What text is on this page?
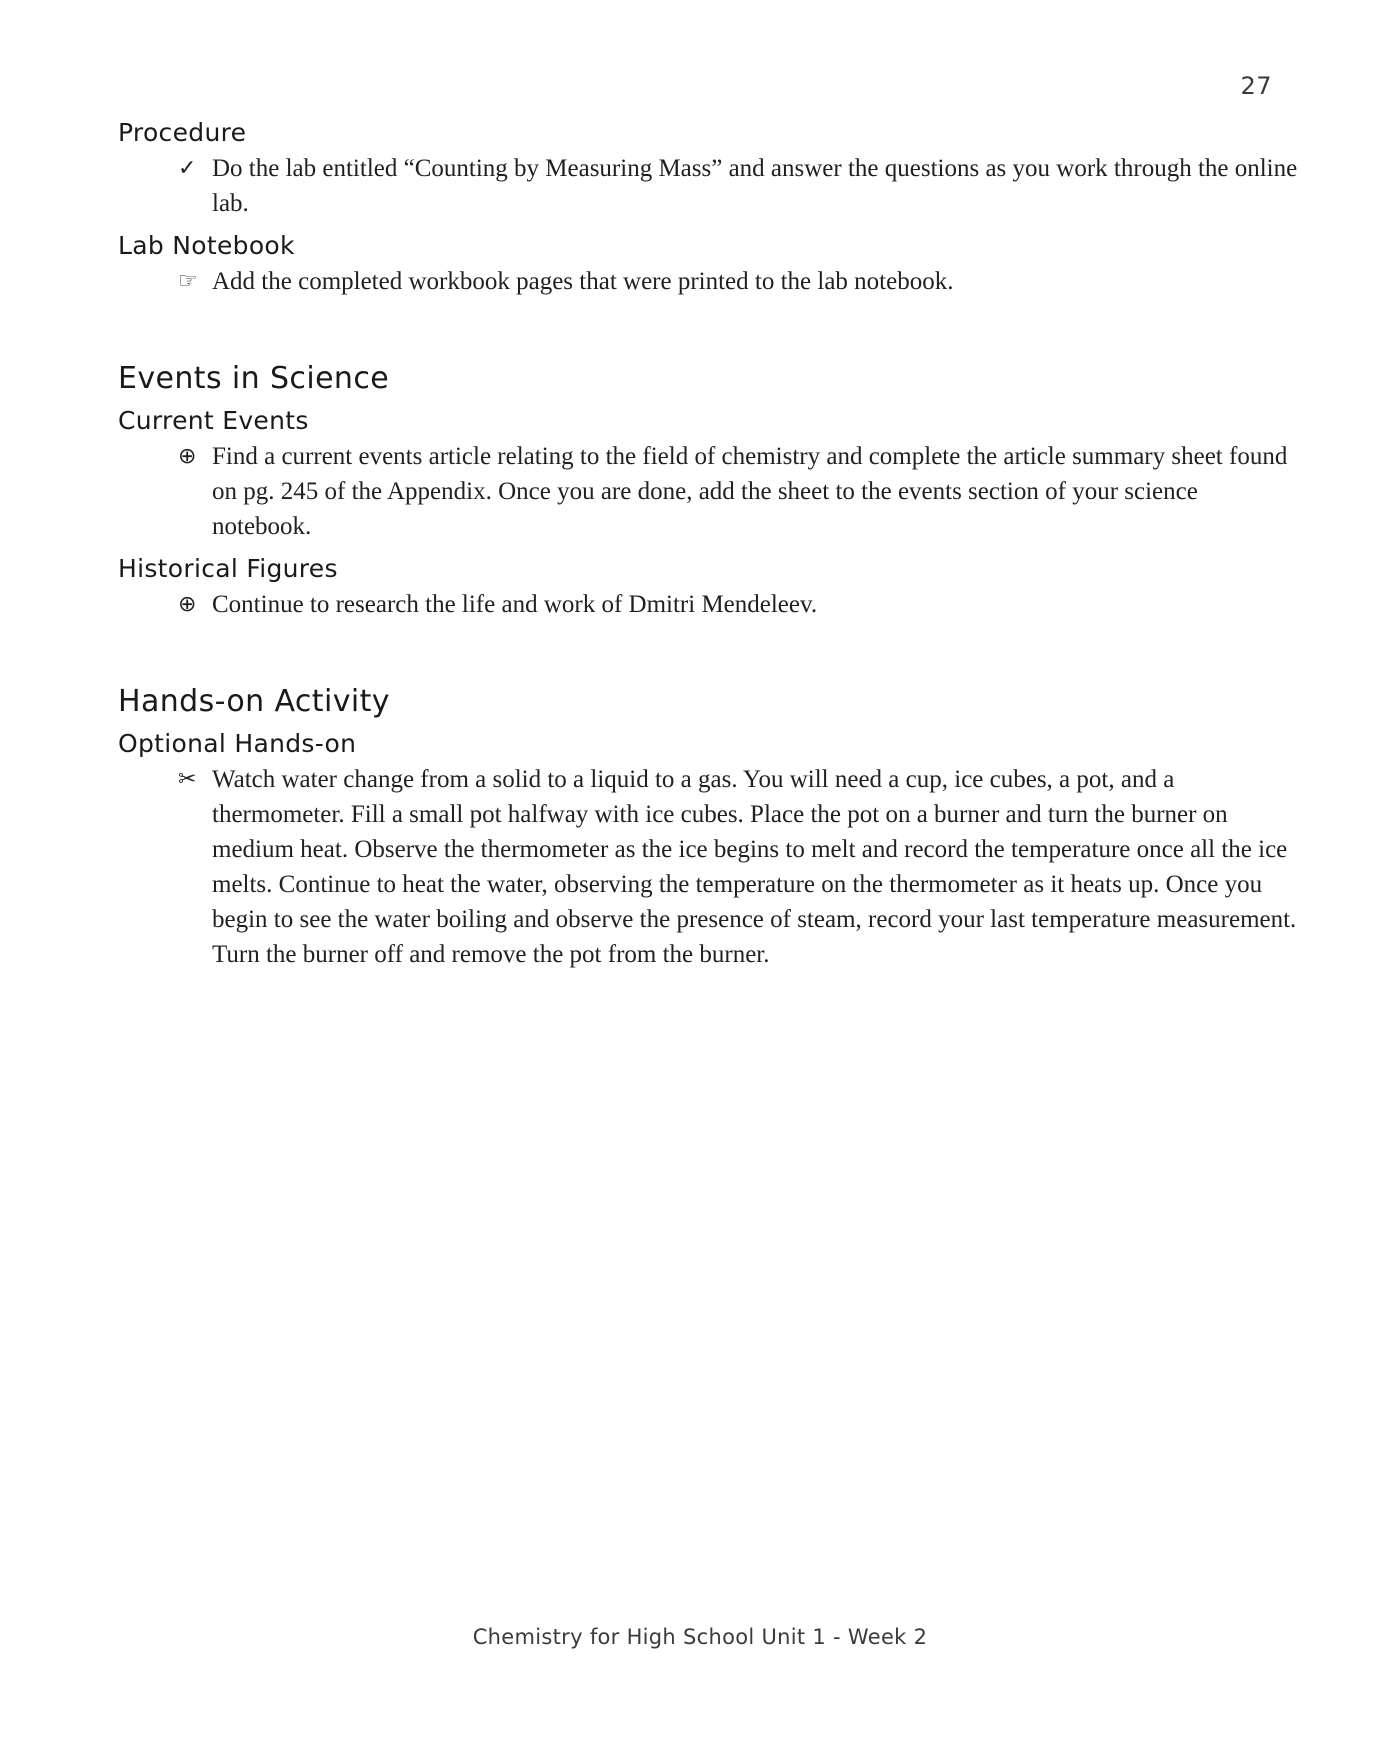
27
Procedure
✓ Do the lab entitled “Counting by Measuring Mass” and answer the questions as you work through the online lab.
Lab Notebook
☞ Add the completed workbook pages that were printed to the lab notebook.
Events in Science
Current Events
⊕ Find a current events article relating to the field of chemistry and complete the article summary sheet found on pg. 245 of the Appendix. Once you are done, add the sheet to the events section of your science notebook.
Historical Figures
⊕ Continue to research the life and work of Dmitri Mendeleev.
Hands-on Activity
Optional Hands-on
✂ Watch water change from a solid to a liquid to a gas. You will need a cup, ice cubes, a pot, and a thermometer. Fill a small pot halfway with ice cubes. Place the pot on a burner and turn the burner on medium heat. Observe the thermometer as the ice begins to melt and record the temperature once all the ice melts. Continue to heat the water, observing the temperature on the thermometer as it heats up. Once you begin to see the water boiling and observe the presence of steam, record your last temperature measurement. Turn the burner off and remove the pot from the burner.
Chemistry for High School Unit 1 - Week 2
